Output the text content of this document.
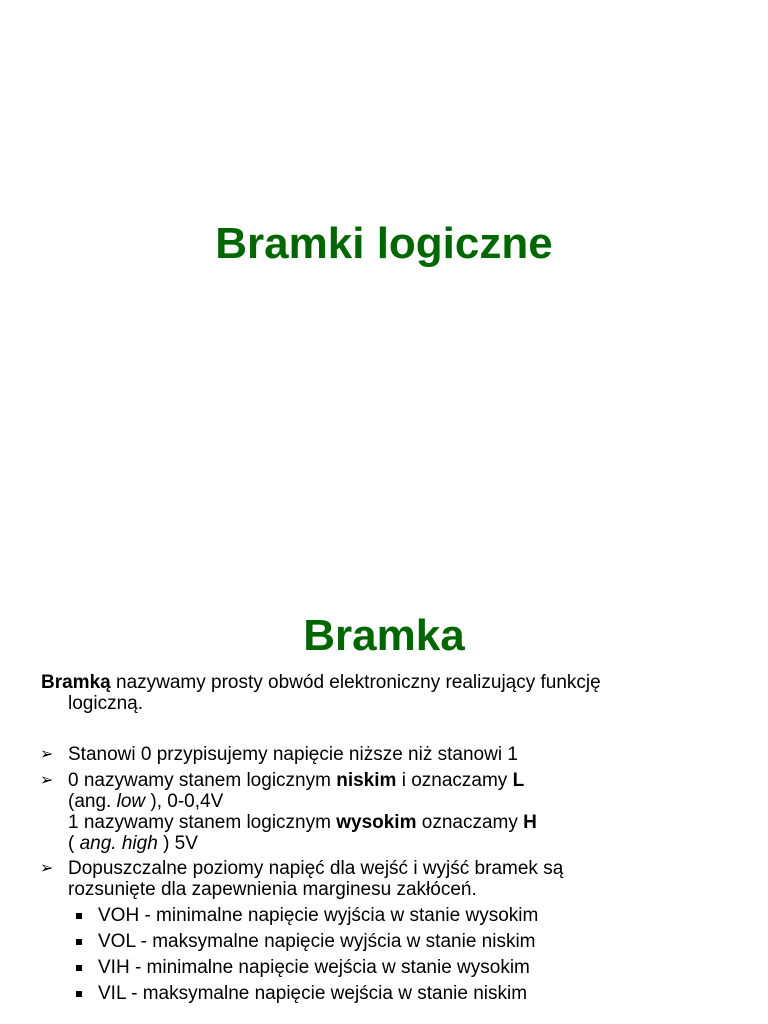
Bramki logiczne
Bramka
Bramką nazywamy prosty obwód elektroniczny realizujący funkcję
logiczną.
➢ Stanowi 0 przypisujemy napięcie niższe niż stanowi 1
➢ 0 nazywamy stanem logicznym niskim i oznaczamy L
(ang. low ), 0-0,4V
1 nazywamy stanem logicznym wysokim oznaczamy H
( ang. high ) 5V
➢ Dopuszczalne poziomy napięć dla wejść i wyjść bramek są
rozsunięte dla zapewnienia marginesu zakłóceń.
VOH - minimalne napięcie wyjścia w stanie wysokim
VOL - maksymalne napięcie wyjścia w stanie niskim
VIH - minimalne napięcie wejścia w stanie wysokim
VIL - maksymalne napięcie wejścia w stanie niskim
